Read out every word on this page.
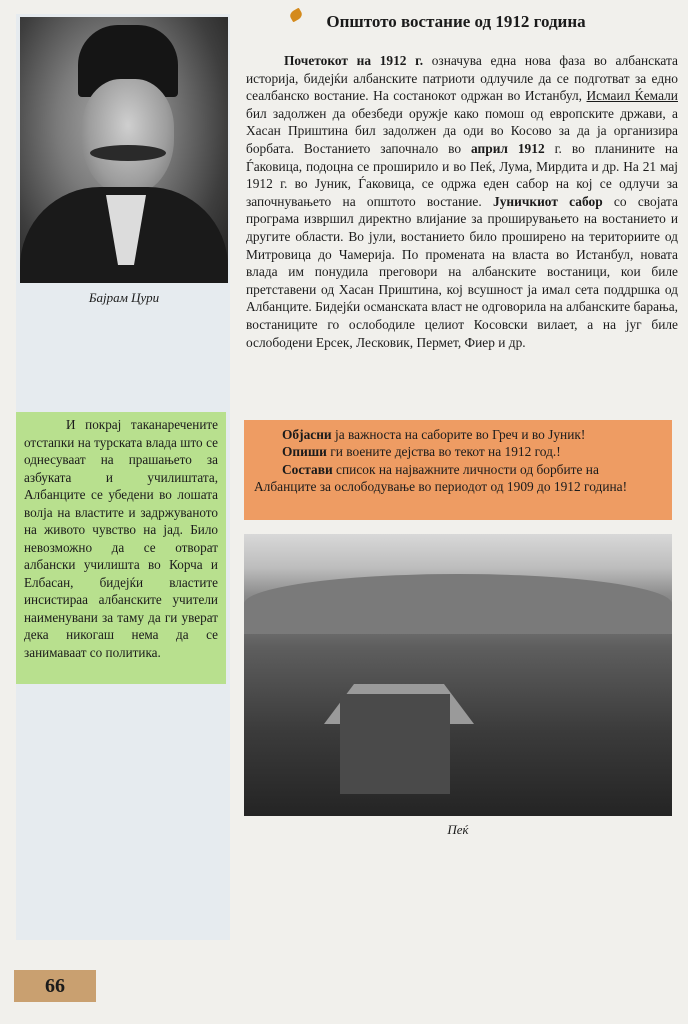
Бајрам Цури
Општото востание од 1912 година

Почетокот на 1912 г. означува една нова фаза во албанската историја, бидејќи албанските патриоти одлучиле да се подготват за едно сеалбанско востание. На состанокот одржан во Истанбул, Исмаил Ќемали бил задолжен да обезбеди оружје како помош од европските држави, а Хасан Приштина бил задолжен да оди во Косово за да ја организира борбата. Востанието започнало во април 1912 г. во планините на Ѓаковица, подоцна се проширило и во Пеќ, Лума, Мирдита и др. На 21 мај 1912 г. во Јуник, Ѓаковица, се одржа еден сабор на кој се одлучи за започнувањето на општото востание. Јуничкиот сабор со својата програма извршил директно влијание за проширувањето на востанието и другите области. Во јули, востанието било проширено на териториите од Митровица до Чамерија. По промената на власта во Истанбул, новата влада им понудила преговори на албанските востаници, кои биле претставени од Хасан Приштина, кој всушност ја имал сета поддршка од Албанците. Бидејќи османската власт не одговорила на албанските барања, востаниците го ослободиле целиот Косовски вилает, а на југ биле ослободени Ерсек, Лесковик, Пермет, Фиер и др.

И покрај таканаречените отстапки на турската влада што се однесуваат на прашањето за азбуката и училиштата, Албанците се убедени во лошата волја на властите и задржуваното на живото чувство на јад. Било невозможно да се отворат албански училишта во Корча и Елбасан, бидејќи властите инсистираа албанските учители наименувани за таму да ги уверат дека никогаш нема да се занимаваат со политика.
Објасни ја важноста на саборите во Греч и во Јуник!
Опиши ги воените дејства во текот на 1912 год.!
Состави список на најважните личности од борбите на Албанците за ослободување во периодот од 1909 до 1912 година!
Пеќ
66
